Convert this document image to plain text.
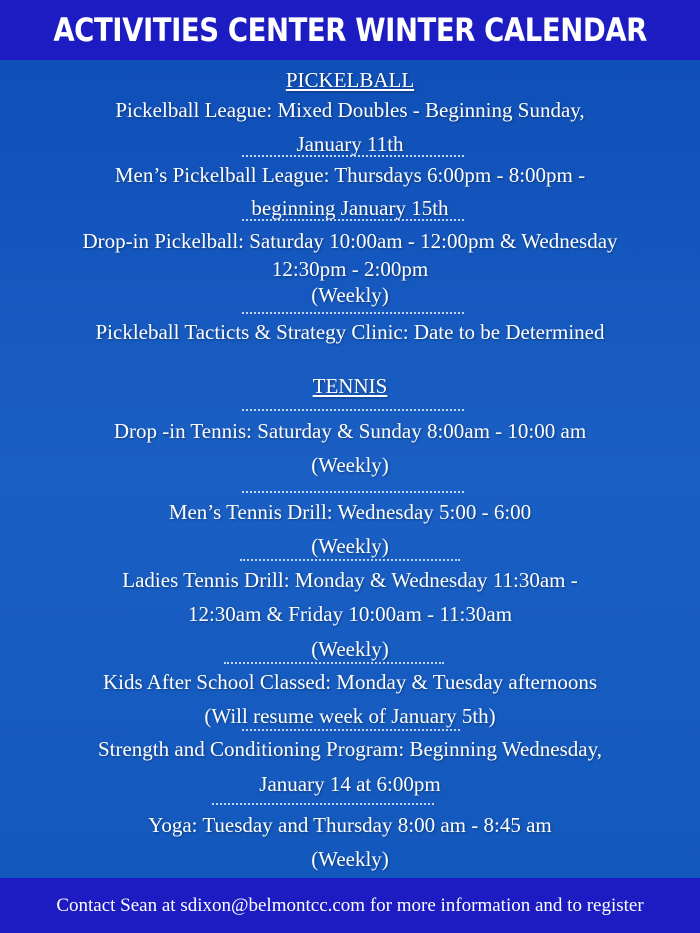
ACTIVITIES CENTER WINTER CALENDAR
PICKELBALL
Pickelball League: Mixed Doubles - Beginning Sunday,
January 11th
Men’s Pickelball League: Thursdays 6:00pm - 8:00pm -
beginning January 15th
Drop-in Pickelball: Saturday 10:00am - 12:00pm & Wednesday
12:30pm - 2:00pm
(Weekly)
Pickleball Tacticts & Strategy Clinic: Date to be Determined
TENNIS
Drop -in Tennis: Saturday & Sunday 8:00am - 10:00 am
(Weekly)
Men’s Tennis Drill: Wednesday 5:00 - 6:00
(Weekly)
Ladies Tennis Drill: Monday & Wednesday 11:30am -
12:30am & Friday 10:00am - 11:30am
(Weekly)
Kids After School Classed: Monday & Tuesday afternoons
(Will resume week of January 5th)
Strength and Conditioning Program: Beginning Wednesday,
January 14 at 6:00pm
Yoga: Tuesday and Thursday 8:00 am - 8:45 am
(Weekly)
Contact Sean at sdixon@belmontcc.com for more information and to register
